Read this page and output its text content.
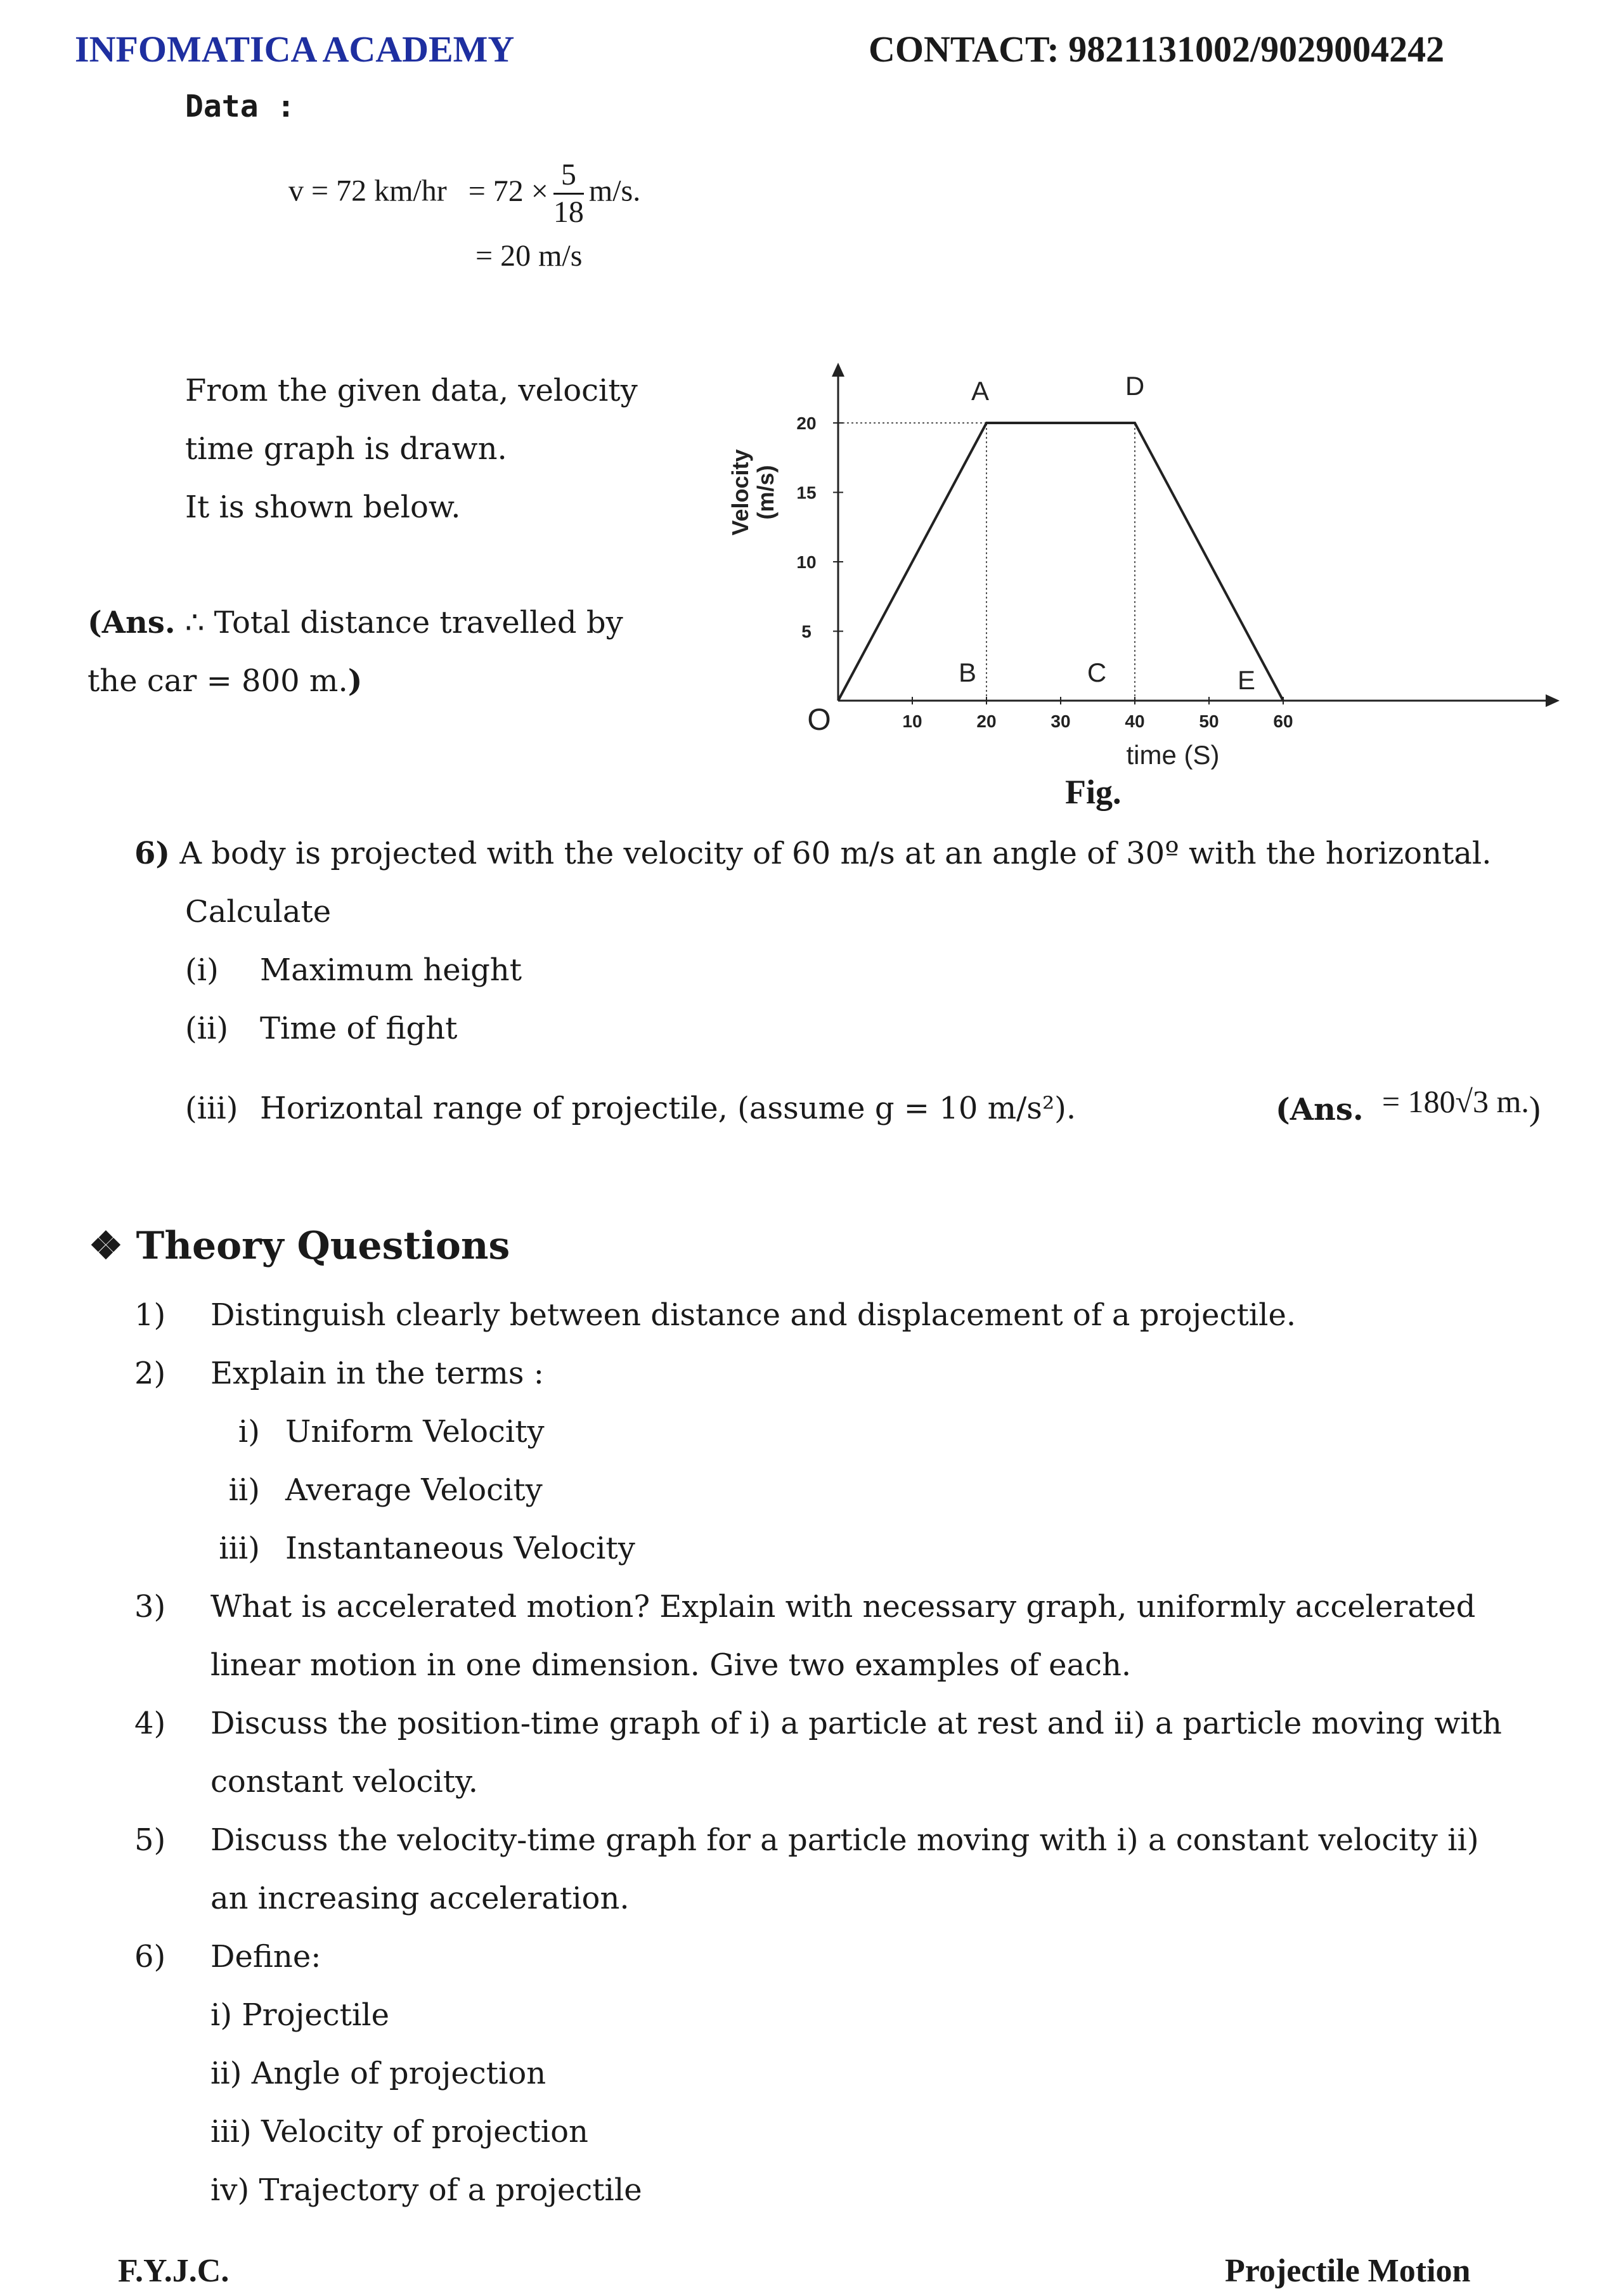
INFOMATICA ACADEMY	CONTACT: 9821131002/9029004242
Data :
v = 72 $km/hr = 72 \times \frac{5}{18} m/s$.
= 20 m/s
From the given data, velocity
time graph is drawn.
It is shown below.
(Ans. ∴ Total distance travelled by
the car = 800 m.)
10	20	30	40	50	60
5
10
15
20
O
A	D
B	C	E
Velocity (m/s)
time (S)
Fig.
6) A body is projected with the velocity of 60 m/s at an angle of 30º with the horizontal.
Calculate
(i) Maximum height
(ii) Time of fight
(iii) Horizontal range of projectile, (assume g = 10 m/s²).	(Ans. = 180√3 m.)
❖ Theory Questions
1) Distinguish clearly between distance and displacement of a projectile.
2) Explain in the terms :
i) Uniform Velocity
ii) Average Velocity
iii) Instantaneous Velocity
3) What is accelerated motion? Explain with necessary graph, uniformly accelerated
linear motion in one dimension. Give two examples of each.
4) Discuss the position-time graph of i) a particle at rest and ii) a particle moving with
constant velocity.
5) Discuss the velocity-time graph for a particle moving with i) a constant velocity ii)
an increasing acceleration.
6) Define:
i) Projectile
ii) Angle of projection
iii) Velocity of projection
iv) Trajectory of a projectile
F.Y.J.C.	Projectile Motion
